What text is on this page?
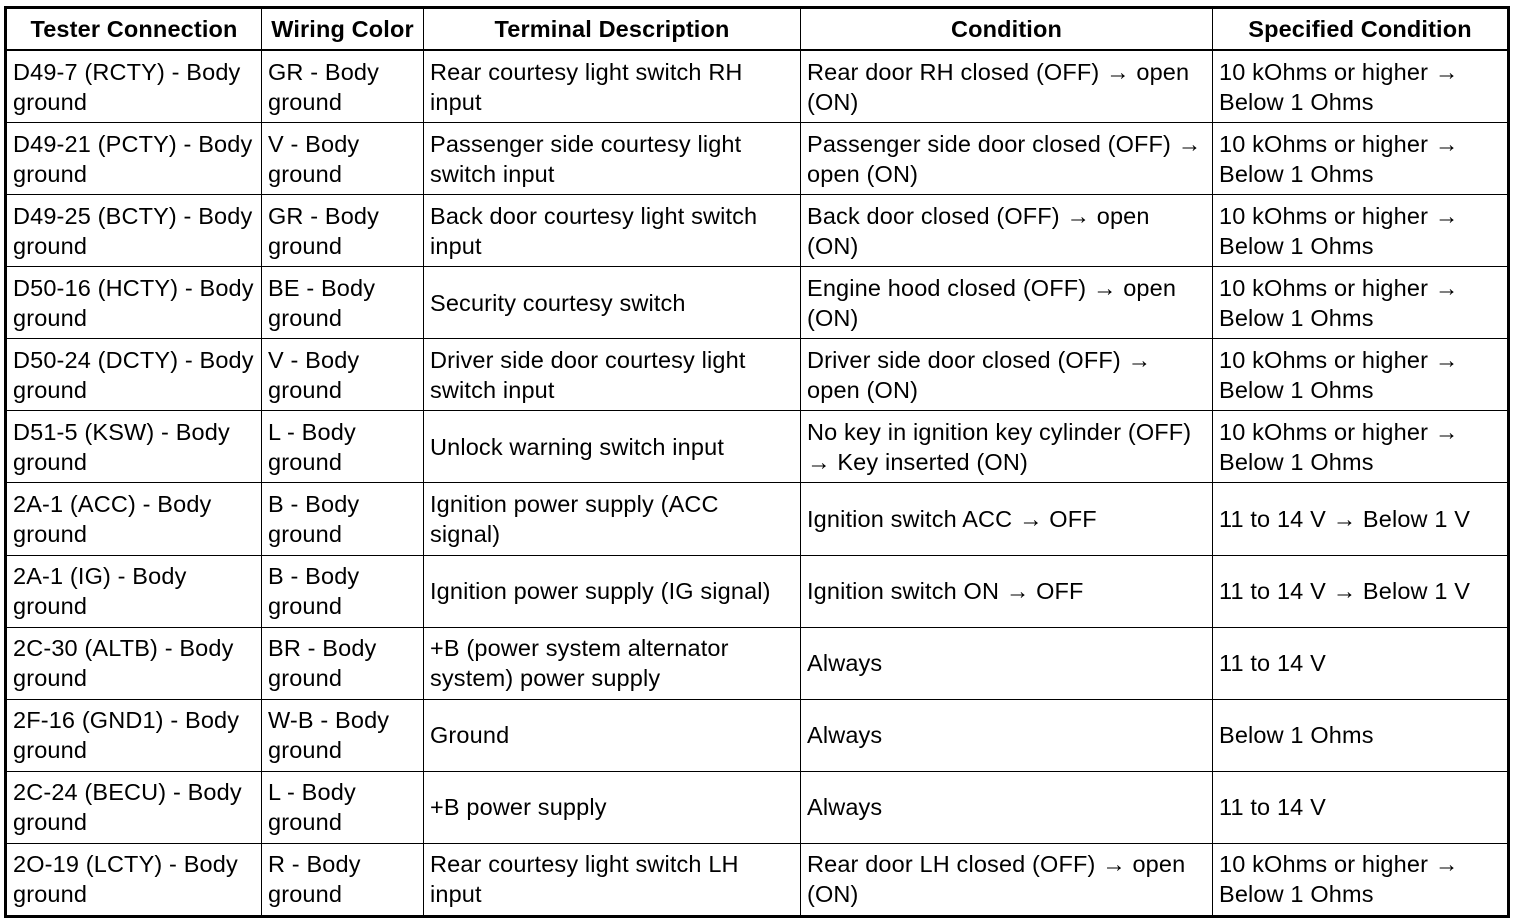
Tester Connection	Wiring Color	Terminal Description	Condition	Specified Condition
D49-7 (RCTY) - Body ground	GR - Body ground	Rear courtesy light switch RH input	Rear door RH closed (OFF) → open (ON)	10 kOhms or higher → Below 1 Ohms
D49-21 (PCTY) - Body ground	V - Body ground	Passenger side courtesy light switch input	Passenger side door closed (OFF) → open (ON)	10 kOhms or higher → Below 1 Ohms
D49-25 (BCTY) - Body ground	GR - Body ground	Back door courtesy light switch input	Back door closed (OFF) → open (ON)	10 kOhms or higher → Below 1 Ohms
D50-16 (HCTY) - Body ground	BE - Body ground	Security courtesy switch	Engine hood closed (OFF) → open (ON)	10 kOhms or higher → Below 1 Ohms
D50-24 (DCTY) - Body ground	V - Body ground	Driver side door courtesy light switch input	Driver side door closed (OFF) → open (ON)	10 kOhms or higher → Below 1 Ohms
D51-5 (KSW) - Body ground	L - Body ground	Unlock warning switch input	No key in ignition key cylinder (OFF) → Key inserted (ON)	10 kOhms or higher → Below 1 Ohms
2A-1 (ACC) - Body ground	B - Body ground	Ignition power supply (ACC signal)	Ignition switch ACC → OFF	11 to 14 V → Below 1 V
2A-1 (IG) - Body ground	B - Body ground	Ignition power supply (IG signal)	Ignition switch ON → OFF	11 to 14 V → Below 1 V
2C-30 (ALTB) - Body ground	BR - Body ground	+B (power system alternator system) power supply	Always	11 to 14 V
2F-16 (GND1) - Body ground	W-B - Body ground	Ground	Always	Below 1 Ohms
2C-24 (BECU) - Body ground	L - Body ground	+B power supply	Always	11 to 14 V
2O-19 (LCTY) - Body ground	R - Body ground	Rear courtesy light switch LH input	Rear door LH closed (OFF) → open (ON)	10 kOhms or higher → Below 1 Ohms
